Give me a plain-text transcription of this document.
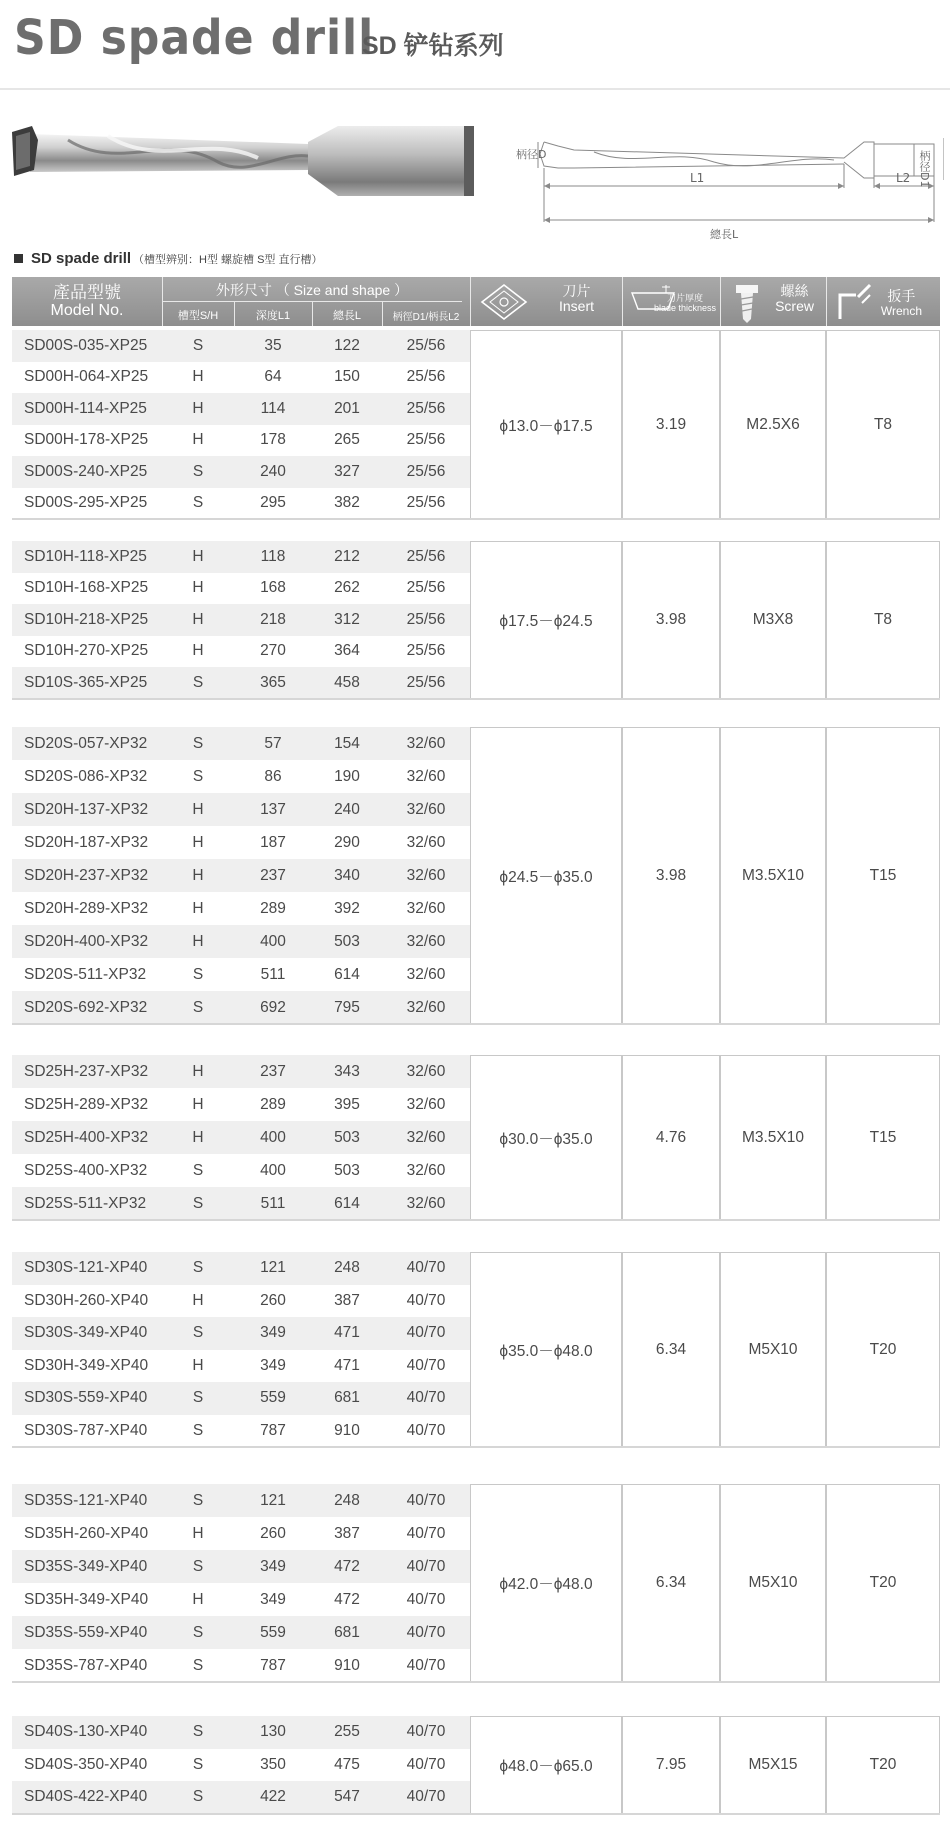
SD spade drill
SD 铲钻系列
柄径D
L1	L2
總長L
柄径D1
SD spade drill （槽型辨别：H型 螺旋槽 S型 直行槽）
產品型號
Model No.
外形尺寸 （ Size and shape ）
槽型S/H	深度L1	總長L	柄徑D1/柄長L2
刀片
Insert	刀片厚度
blade thickness
螺絲
Screw
扳手
Wrench
SD00S-035-XP25	S	35	122	25/56
SD00H-064-XP25	H	64	150	25/56
SD00H-114-XP25	H	114	201	25/56
SD00H-178-XP25	H	178	265	25/56
SD00S-240-XP25	S	240	327	25/56
SD00S-295-XP25	S	295	382	25/56
ϕ13.0－ϕ17.5	3.19	M2.5X6	T8
SD10H-118-XP25	H	118	212	25/56
SD10H-168-XP25	H	168	262	25/56
SD10H-218-XP25	H	218	312	25/56
SD10H-270-XP25	H	270	364	25/56
SD10S-365-XP25	S	365	458	25/56
ϕ17.5－ϕ24.5	3.98	M3X8	T8
SD20S-057-XP32	S	57	154	32/60
SD20S-086-XP32	S	86	190	32/60
SD20H-137-XP32	H	137	240	32/60
SD20H-187-XP32	H	187	290	32/60
SD20H-237-XP32	H	237	340	32/60
SD20H-289-XP32	H	289	392	32/60
SD20H-400-XP32	H	400	503	32/60
SD20S-511-XP32	S	511	614	32/60
SD20S-692-XP32	S	692	795	32/60
ϕ24.5－ϕ35.0	3.98	M3.5X10	T15
SD25H-237-XP32	H	237	343	32/60
SD25H-289-XP32	H	289	395	32/60
SD25H-400-XP32	H	400	503	32/60
SD25S-400-XP32	S	400	503	32/60
SD25S-511-XP32	S	511	614	32/60
ϕ30.0－ϕ35.0	4.76	M3.5X10	T15
SD30S-121-XP40	S	121	248	40/70
SD30H-260-XP40	H	260	387	40/70
SD30S-349-XP40	S	349	471	40/70
SD30H-349-XP40	H	349	471	40/70
SD30S-559-XP40	S	559	681	40/70
SD30S-787-XP40	S	787	910	40/70
ϕ35.0－ϕ48.0	6.34	M5X10	T20
SD35S-121-XP40	S	121	248	40/70
SD35H-260-XP40	H	260	387	40/70
SD35S-349-XP40	S	349	472	40/70
SD35H-349-XP40	H	349	472	40/70
SD35S-559-XP40	S	559	681	40/70
SD35S-787-XP40	S	787	910	40/70
ϕ42.0－ϕ48.0	6.34	M5X10	T20
SD40S-130-XP40	S	130	255	40/70
SD40S-350-XP40	S	350	475	40/70
SD40S-422-XP40	S	422	547	40/70
ϕ48.0－ϕ65.0	7.95	M5X15	T20
